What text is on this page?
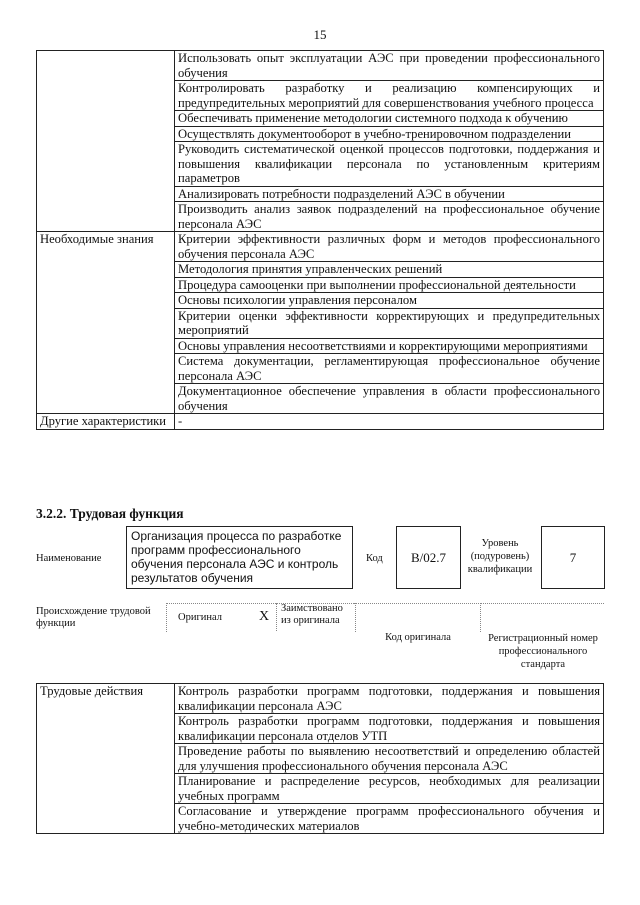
15
	Использовать опыт эксплуатации АЭС при проведении профессионального обучения
	Контролировать разработку и реализацию компенсирующих и предупредительных мероприятий для совершенствования учебного процесса
	Обеспечивать применение методологии системного подхода к обучению
	Осуществлять документооборот в учебно-тренировочном подразделении
	Руководить систематической оценкой процессов подготовки, поддержания и повышения квалификации персонала по установленным критериям параметров
	Анализировать потребности подразделений АЭС в обучении
	Производить анализ заявок подразделений на профессиональное обучение персонала АЭС
Необходимые знания	Критерии эффективности различных форм и методов профессионального обучения персонала АЭС
	Методология принятия управленческих решений
	Процедура самооценки при выполнении профессиональной деятельности
	Основы психологии управления персоналом
	Критерии оценки эффективности корректирующих и предупредительных мероприятий
	Основы управления несоответствиями и корректирующими мероприятиями
	Система документации, регламентирующая профессиональное обучение персонала АЭС
	Документационное обеспечение управления в области профессионального обучения
Другие характеристики	-
3.2.2. Трудовая функция
Наименование
Организация процесса по разработке программ профессионального обучения персонала АЭС и контроль результатов обучения
Код	B/02.7
Уровень (подуровень) квалификации
7
Происхождение трудовой функции
Оригинал	X
Заимствовано из оригинала
Код оригинала	Регистрационный номер профессионального стандарта
Трудовые действия	Контроль разработки программ подготовки, поддержания и повышения квалификации персонала АЭС
Контроль разработки программ подготовки, поддержания и повышения квалификации персонала отделов УТП
Проведение работы по выявлению несоответствий и определению областей для улучшения профессионального обучения персонала АЭС
Планирование и распределение ресурсов, необходимых для реализации учебных программ
Согласование и утверждение программ профессионального обучения и учебно-методических материалов
